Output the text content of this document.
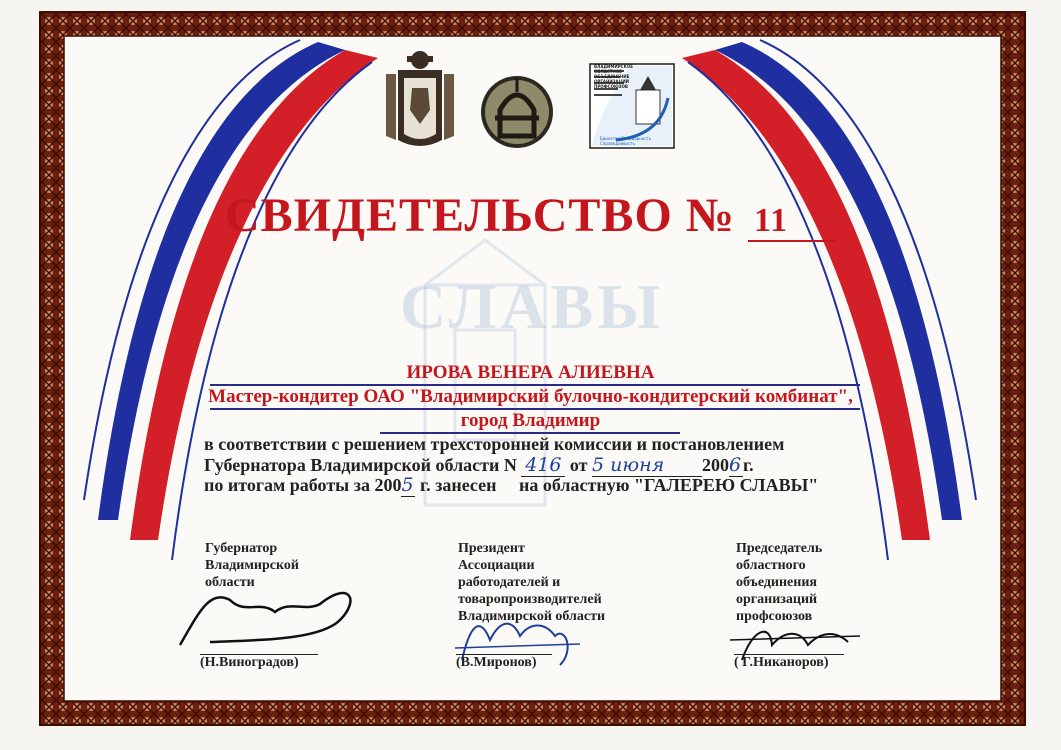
СВИДЕТЕЛЬСТВО № 11
СЛАВЫ
ИРОВА ВЕНЕРА АЛИЕВНА
Мастер-кондитер ОАО "Владимирский булочно-кондитерский комбинат",
город Владимир
в соответствии с решением трехсторонней комиссии и постановлением
Губернатора Владимирской области N 416 от 5 июня 2006 г.
по итогам работы за 2005 г. занесен на областную "ГАЛЕРЕЮ СЛАВЫ"
Губернатор
Владимирской
области
(Н.Виноградов)
Президент
Ассоциации
работодателей и
товаропроизводителей
Владимирской области
(В.Миронов)
Председатель
областного
объединения
организаций
профсоюзов
( Г.Никаноров)
ВЛАДИМИРСКОЕ ОБЛАСТНОЕ ОБЪЕДИНЕНИЕ ОРГАНИЗАЦИЙ ПРОФСОЮЗОВ
Единство Солидарность Справедливость
